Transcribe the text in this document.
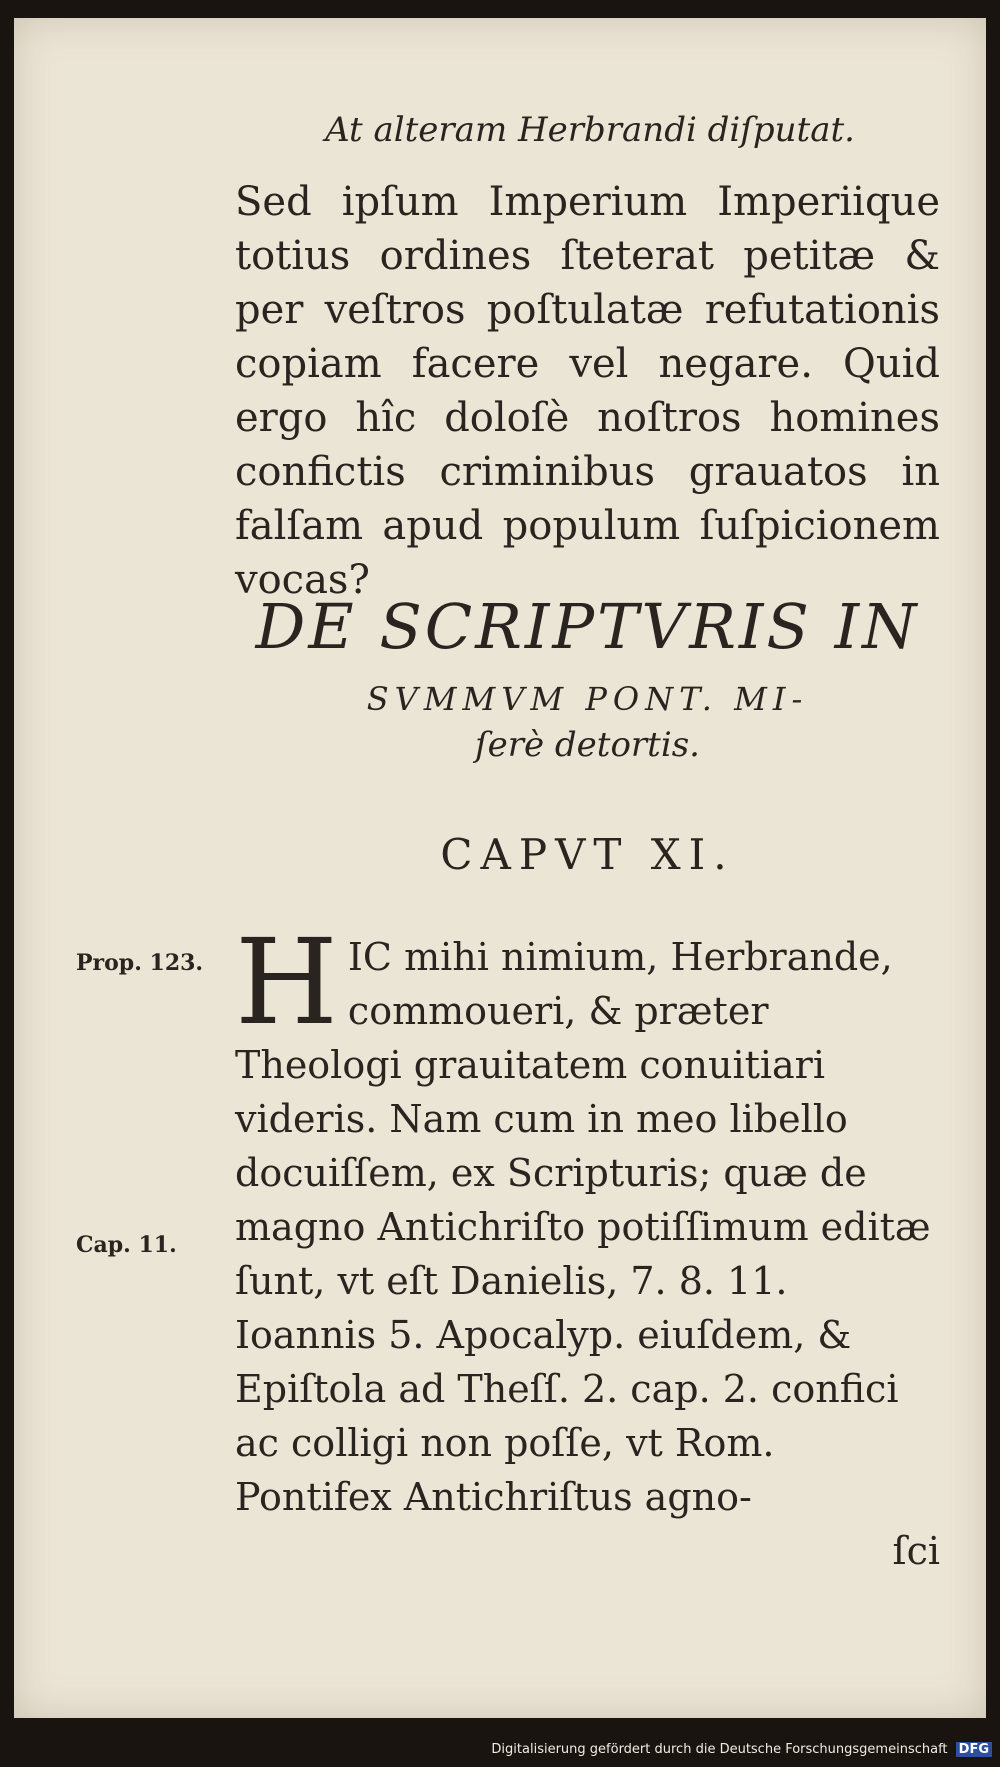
At alteram Herbrandi diſputat.
Sed ipſum Imperium Imperiique totius ordines ſteterat petitæ & per veſtros poſtulatæ refutationis copiam facere vel negare. Quid ergo hîc doloſè noſtros homines confictis criminibus grauatos in falſam apud populum ſuſpicionem vocas?
DE SCRIPTVRIS IN
SVMMVM PONT. MI-
ſerè detortis.
CAPVT XI.
H IC mihi nimium, Herbrande, commoueri, & præter Theologi grauitatem conuitiari videris. Nam cum in meo libello docuiſſem, ex Scripturis; quæ de magno Antichriſto potiſſimum editæ ſunt, vt eſt Danielis, 7. 8. 11. Ioannis 5. Apocalyp. eiuſdem, & Epiſtola ad Theſſ. 2. cap. 2. confici ac colligi non poſſe, vt Rom. Pontifex Antichriſtus agno-
ſci
Prop. 123.
Cap. 11.
Digitalisierung gefördert durch die Deutsche Forschungsgemeinschaft DFG
